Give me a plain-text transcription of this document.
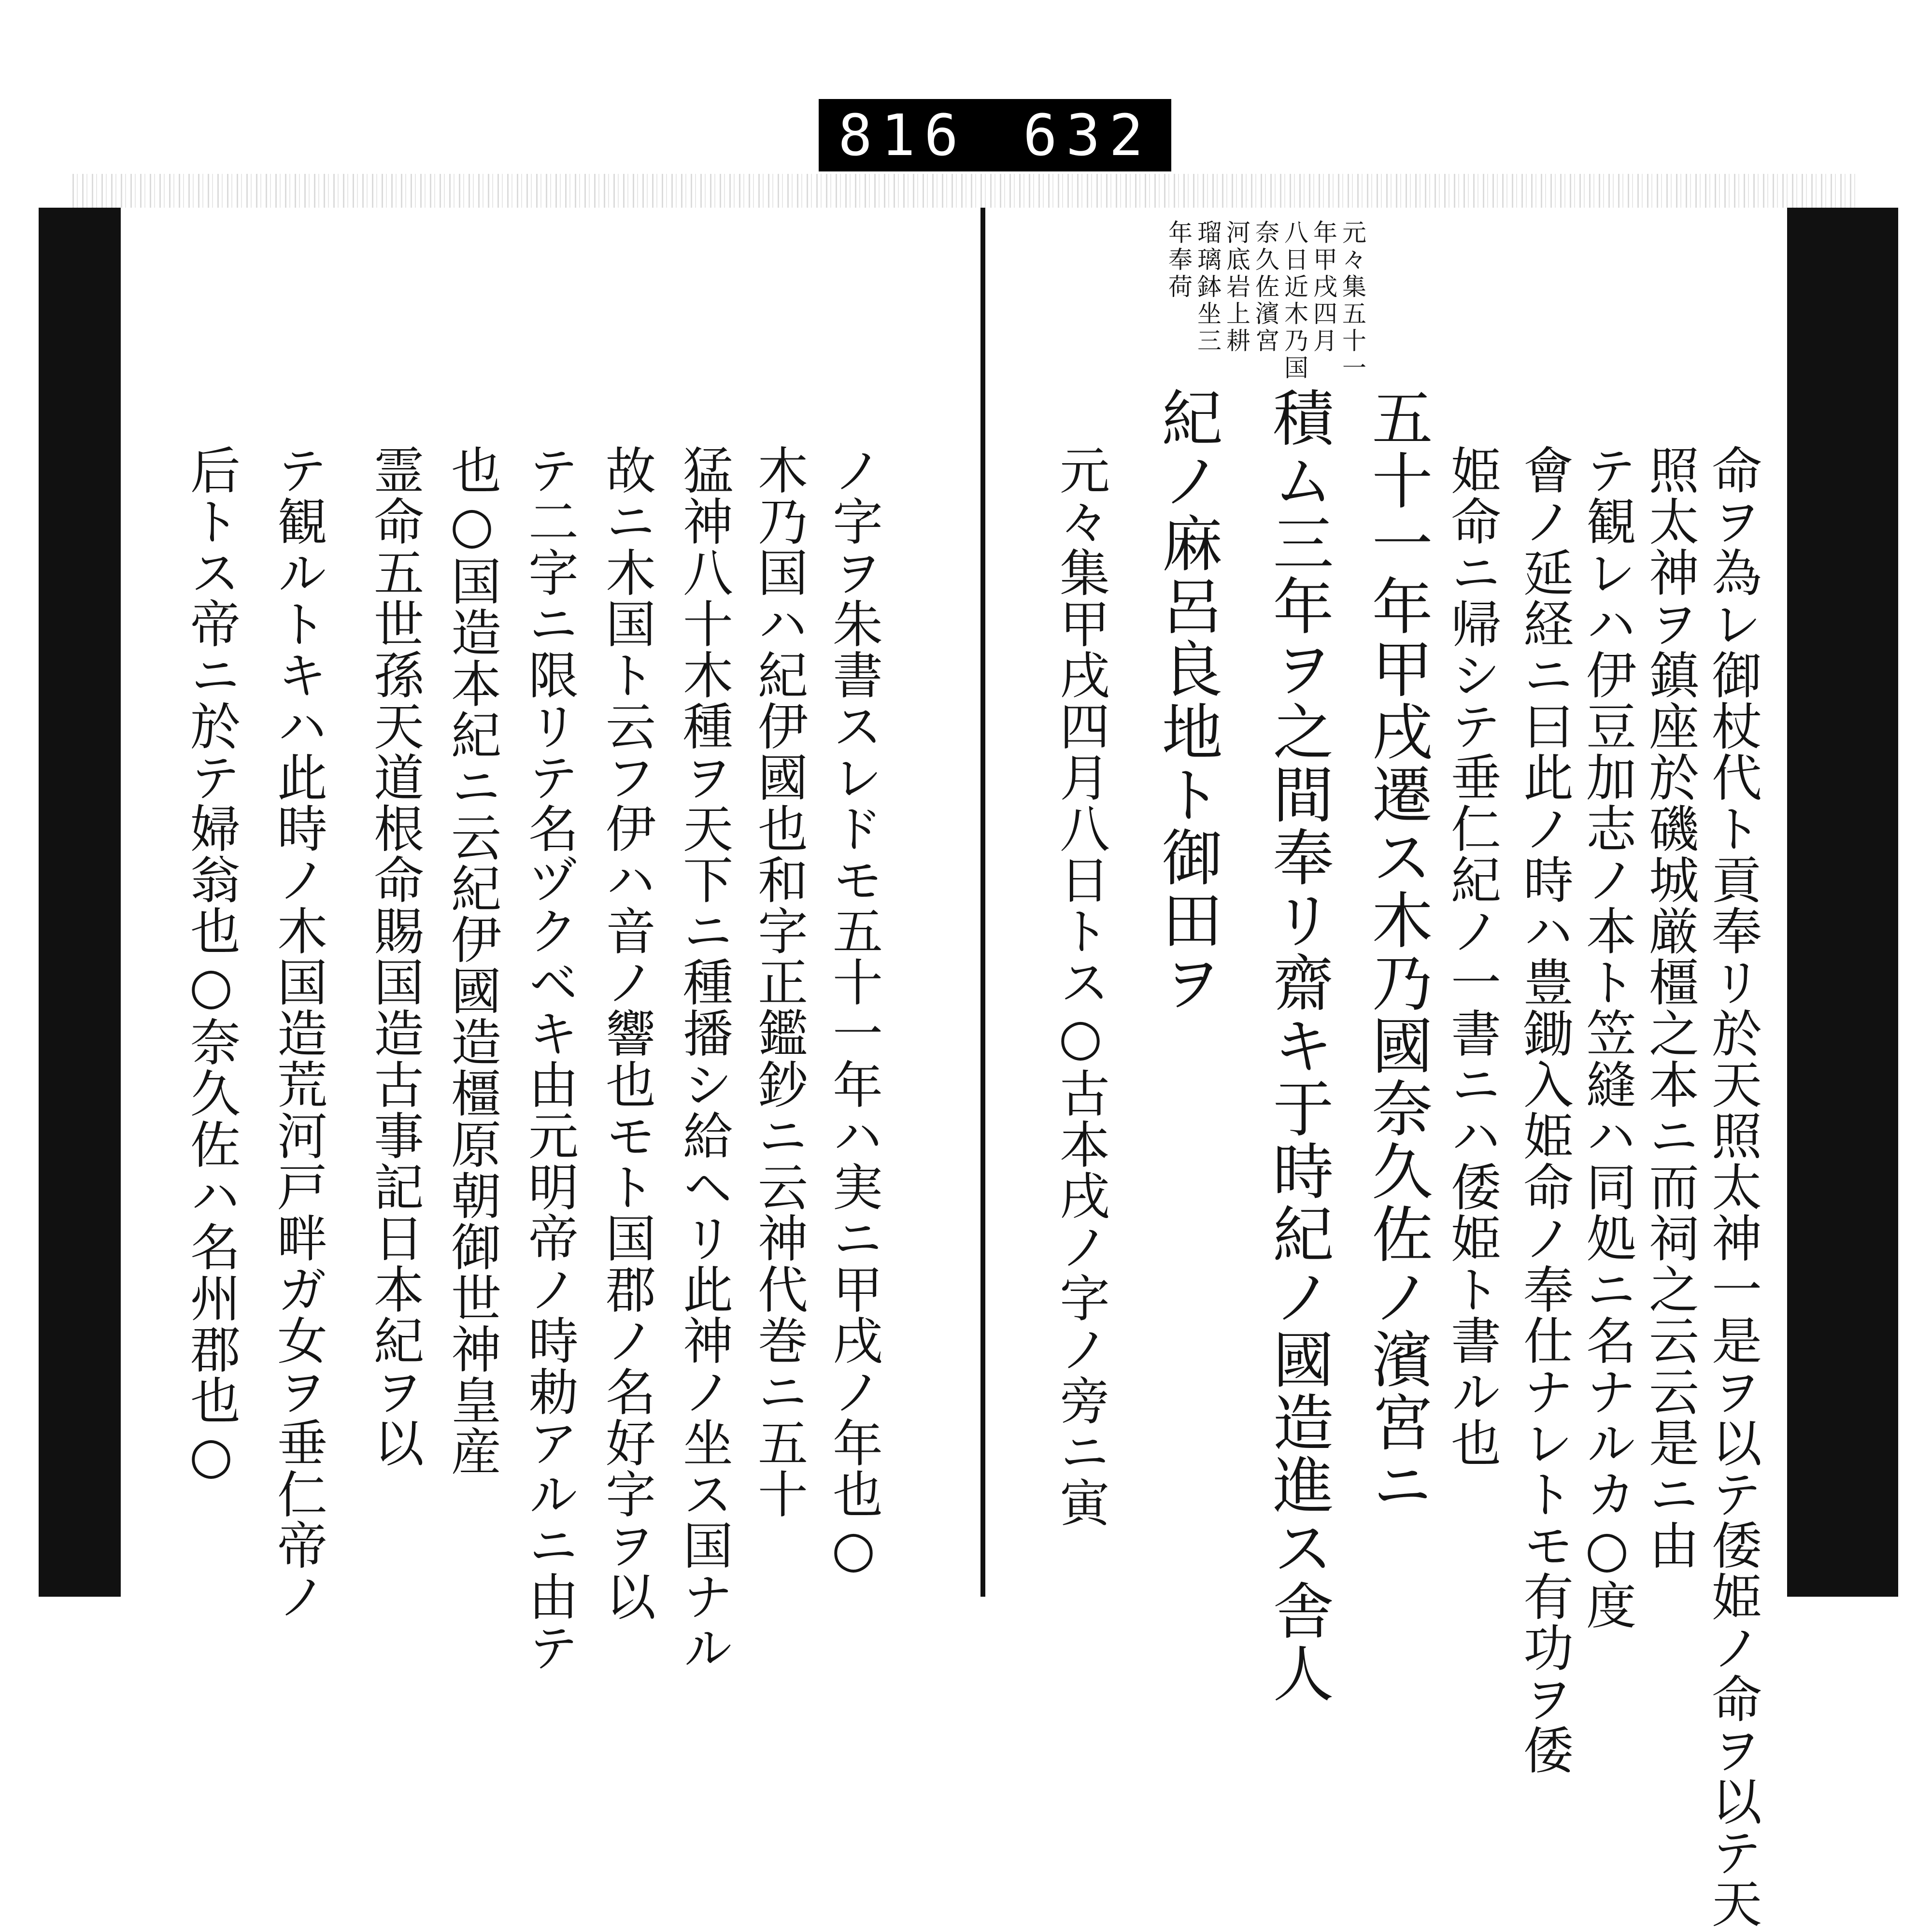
816 632
元々集五十一
年甲戌四月
八日近木乃国
奈久佐濱宮
河底岩上耕
瑠璃鉢坐三
年奉荷
命ヲ為レ御杖代ト貢奉リ於天照太神一是ヲ以テ倭姫ノ命ヲ以テ天
照太神ヲ鎮座於磯城厳橿之本ニ而祠之云云是ニ由
テ観レハ伊豆加志ノ本ト笠縫ハ同処ニ名ナルカ○度
會ノ延経ニ曰此ノ時ハ豊鋤入姫命ノ奉仕ナレトモ有功ヲ倭
姫命ニ帰シテ垂仁紀ノ一書ニハ倭姫ト書ル也
五十一年甲戌遷ス木乃國奈久佐ノ濱宮ニ
積ム三年ヲ之間奉リ齋キ于時紀ノ國造進ス舎人
紀ノ麻呂良地ト御田ヲ
元々集甲戌四月八日トス○古本戌ノ字ノ旁ニ寅
ノ字ヲ朱書スレドモ五十一年ハ実ニ甲戌ノ年也○
木乃国ハ紀伊國也和字正鑑鈔ニ云神代巻ニ五十
猛神八十木種ヲ天下ニ種播シ給ヘリ此神ノ坐ス国ナル
故ニ木国ト云フ伊ハ音ノ響也モト国郡ノ名好字ヲ以
テ二字ニ限リテ名ヅクベキ由元明帝ノ時勅アルニ由テ
也○国造本紀ニ云紀伊國造橿原朝御世神皇産
霊命五世孫天道根命賜国造古事記日本紀ヲ以
テ観ルトキハ此時ノ木国造荒河戸畔ガ女ヲ垂仁帝ノ
后トス帝ニ於テ婦翁也○奈久佐ハ名州郡也○
